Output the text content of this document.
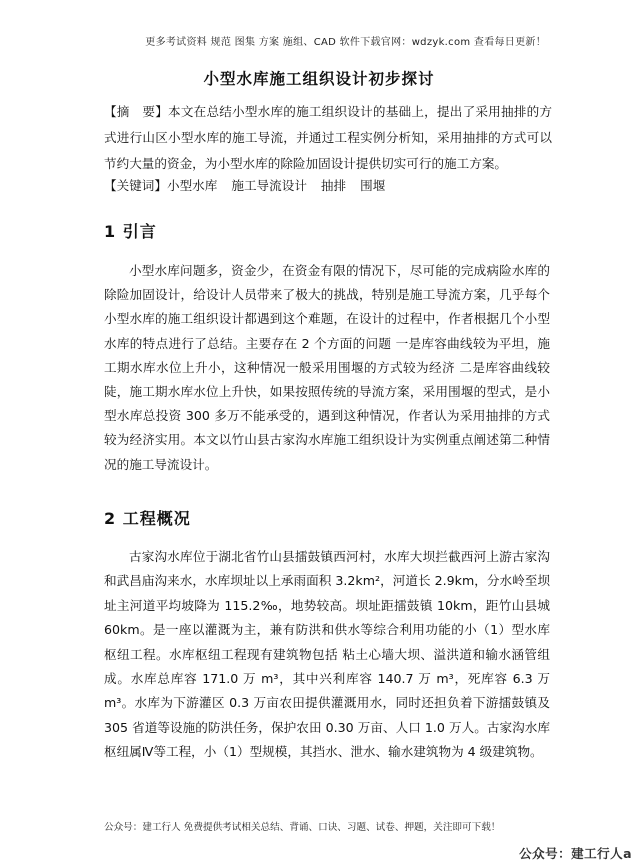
更多考试资料 规范 图集 方案 施组、CAD 软件下载官网：wdzyk.com 查看每日更新！
小型水库施工组织设计初步探讨
【摘　要】本文在总结小型水库的施工组织设计的基础上，提出了采用抽排的方式进行山区小型水库的施工导流，并通过工程实例分析知，采用抽排的方式可以节约大量的资金，为小型水库的除险加固设计提供切实可行的施工方案。
【关键词】小型水库 施工导流设计 抽排 围堰
1 引言

小型水库问题多，资金少，在资金有限的情况下，尽可能的完成病险水库的除险加固设计，给设计人员带来了极大的挑战，特别是施工导流方案，几乎每个小型水库的施工组织设计都遇到这个难题，在设计的过程中，作者根据几个小型水库的特点进行了总结。主要存在 2 个方面的问题 一是库容曲线较为平坦，施工期水库水位上升小，这种情况一般采用围堰的方式较为经济 二是库容曲线较陡，施工期水库水位上升快，如果按照传统的导流方案，采用围堰的型式，是小型水库总投资 300 多万不能承受的，遇到这种情况，作者认为采用抽排的方式较为经济实用。本文以竹山县古家沟水库施工组织设计为实例重点阐述第二种情况的施工导流设计。

2 工程概况

古家沟水库位于湖北省竹山县擂鼓镇西河村，水库大坝拦截西河上游古家沟和武昌庙沟来水，水库坝址以上承雨面积 3.2km²，河道长 2.9km，分水岭至坝址主河道平均坡降为 115.2‰，地势较高。坝址距擂鼓镇 10km，距竹山县城 60km。是一座以灌溉为主，兼有防洪和供水等综合利用功能的小（1）型水库枢纽工程。水库枢纽工程现有建筑物包括 粘土心墙大坝、溢洪道和输水涵管组成。水库总库容 171.0 万 m³，其中兴利库容 140.7 万 m³，死库容 6.3 万 m³。水库为下游灌区 0.3 万亩农田提供灌溉用水，同时还担负着下游擂鼓镇及 305 省道等设施的防洪任务，保护农田 0.30 万亩、人口 1.0 万人。古家沟水库枢纽属Ⅳ等工程，小（1）型规模，其挡水、泄水、输水建筑物为 4 级建筑物。

公众号：建工行人 免费提供考试相关总结、背诵、口诀、习题、试卷、押题，关注即可下载！
公众号：建工行人a
